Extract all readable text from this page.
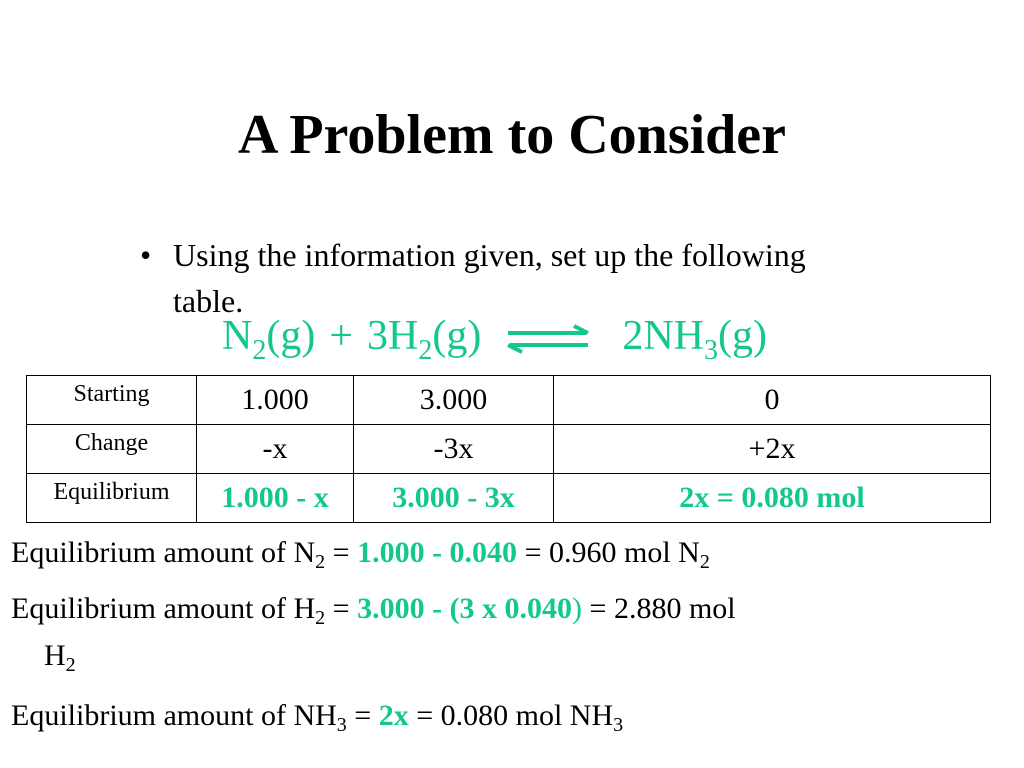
A Problem to Consider
• Using the information given, set up the following table.
$N_2(g) + 3H_2(g)$ ⇌ $2NH_3(g)$
Starting	1.000	3.000	0
Change	-x	-3x	+2x
Equilibrium	1.000 - x	3.000 - 3x	2x = 0.080 mol
Equilibrium amount of $N_2 = 1.000 - 0.040 = 0.960$ mol $N_2$
Equilibrium amount of $H_2 = 3.000 - (3$ x 0.040) = 2.880 mol
$H_2$
Equilibrium amount of $NH_3 = 2x = 0.080$ mol $NH_3$
